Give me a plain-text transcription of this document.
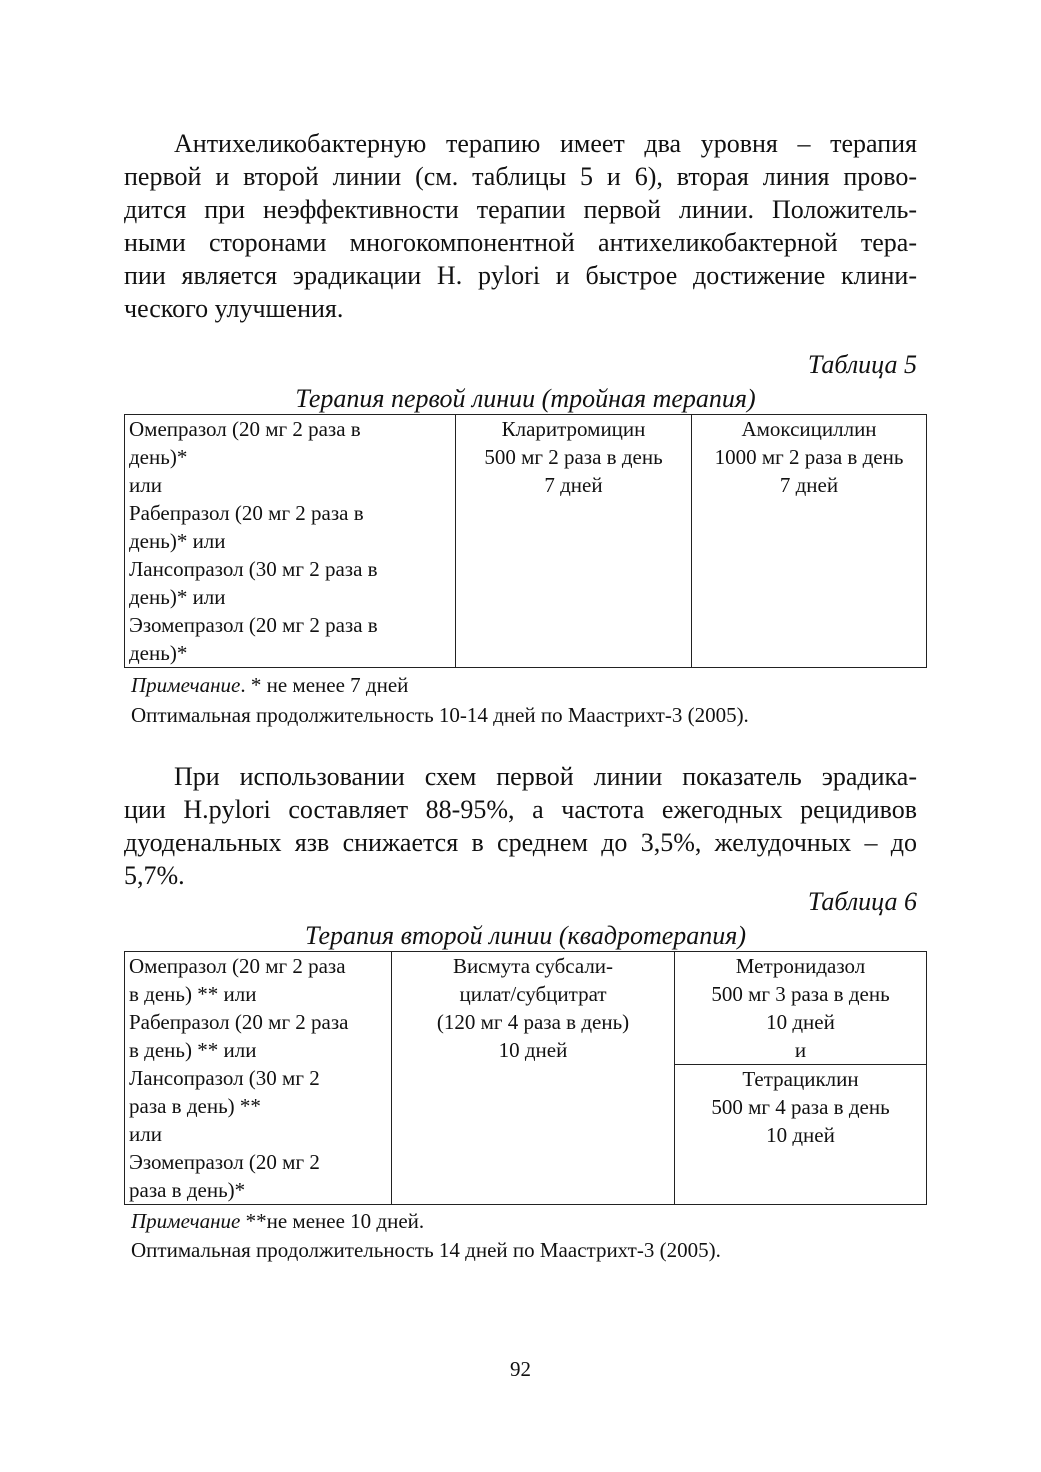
Антихеликобактерную терапию имеет два уровня – терапия
первой и второй линии (см. таблицы 5 и 6), вторая линия прово-
дится при неэффективности терапии первой линии. Положитель-
ными сторонами многокомпонентной антихеликобактерной тера-
пии является эрадикации H. pylori и быстрое достижение клини-
ческого улучшения.
Таблица 5
Терапия первой линии (тройная терапия)
Омепразол (20 мг 2 раза в
день)*
или
Рабепразол (20 мг 2 раза в
день)* или
Лансопразол (30 мг 2 раза в
день)* или
Эзомепразол (20 мг 2 раза в
день)*

Кларитромицин
500 мг 2 раза в день
7 дней

Амоксициллин
1000 мг 2 раза в день
7 дней

Примечание. * не менее 7 дней

Оптимальная продолжительность 10-14 дней по Маастрихт-3 (2005).

При использовании схем первой линии показатель эрадика-
ции H.pylori составляет 88-95%, а частота ежегодных рецидивов
дуоденальных язв снижается в среднем до 3,5%, желудочных – до
5,7%.
Таблица 6
Терапия второй линии (квадротерапия)
Омепразол (20 мг 2 раза
в день) ** или
Рабепразол (20 мг 2 раза
в день) ** или
Лансопразол (30 мг 2
раза в день) **
или
Эзомепразол (20 мг 2
раза в день)*

Висмута субсали-
цилат/субцитрат
(120 мг 4 раза в день)
10 дней

Метронидазол
500 мг 3 раза в день
10 дней
и

Тетрациклин
500 мг 4 раза в день
10 дней

Примечание **не менее 10 дней.

Оптимальная продолжительность 14 дней по Маастрихт-3 (2005).

92
